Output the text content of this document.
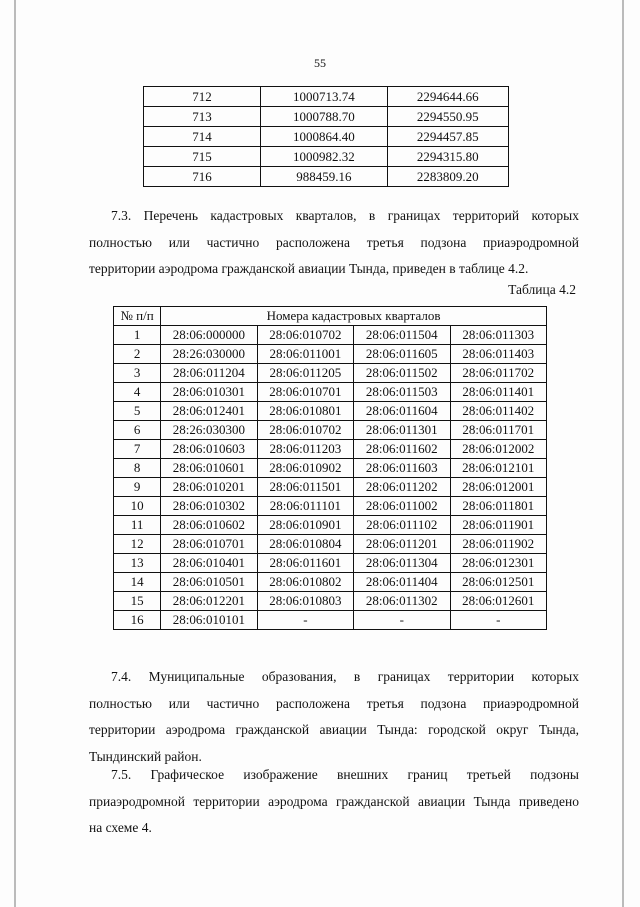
55
712	1000713.74	2294644.66
713	1000788.70	2294550.95
714	1000864.40	2294457.85
715	1000982.32	2294315.80
716	988459.16	2283809.20
7.3. Перечень кадастровых кварталов, в границах территорий которых
полностью или частично расположена третья подзона приаэродромной
территории аэродрома гражданской авиации Тында, приведен в таблице 4.2.
Таблица 4.2
№ п/п	Номера кадастровых кварталов			
1	28:06:000000	28:06:010702	28:06:011504	28:06:011303
2	28:26:030000	28:06:011001	28:06:011605	28:06:011403
3	28:06:011204	28:06:011205	28:06:011502	28:06:011702
4	28:06:010301	28:06:010701	28:06:011503	28:06:011401
5	28:06:012401	28:06:010801	28:06:011604	28:06:011402
6	28:26:030300	28:06:010702	28:06:011301	28:06:011701
7	28:06:010603	28:06:011203	28:06:011602	28:06:012002
8	28:06:010601	28:06:010902	28:06:011603	28:06:012101
9	28:06:010201	28:06:011501	28:06:011202	28:06:012001
10	28:06:010302	28:06:011101	28:06:011002	28:06:011801
11	28:06:010602	28:06:010901	28:06:011102	28:06:011901
12	28:06:010701	28:06:010804	28:06:011201	28:06:011902
13	28:06:010401	28:06:011601	28:06:011304	28:06:012301
14	28:06:010501	28:06:010802	28:06:011404	28:06:012501
15	28:06:012201	28:06:010803	28:06:011302	28:06:012601
16	28:06:010101	-	-	-
7.4. Муниципальные образования, в границах территории которых
полностью или частично расположена третья подзона приаэродромной
территории аэродрома гражданской авиации Тында: городской округ Тында,
Тындинский район.
7.5. Графическое изображение внешних границ третьей подзоны
приаэродромной территории аэродрома гражданской авиации Тында приведено
на схеме 4.
